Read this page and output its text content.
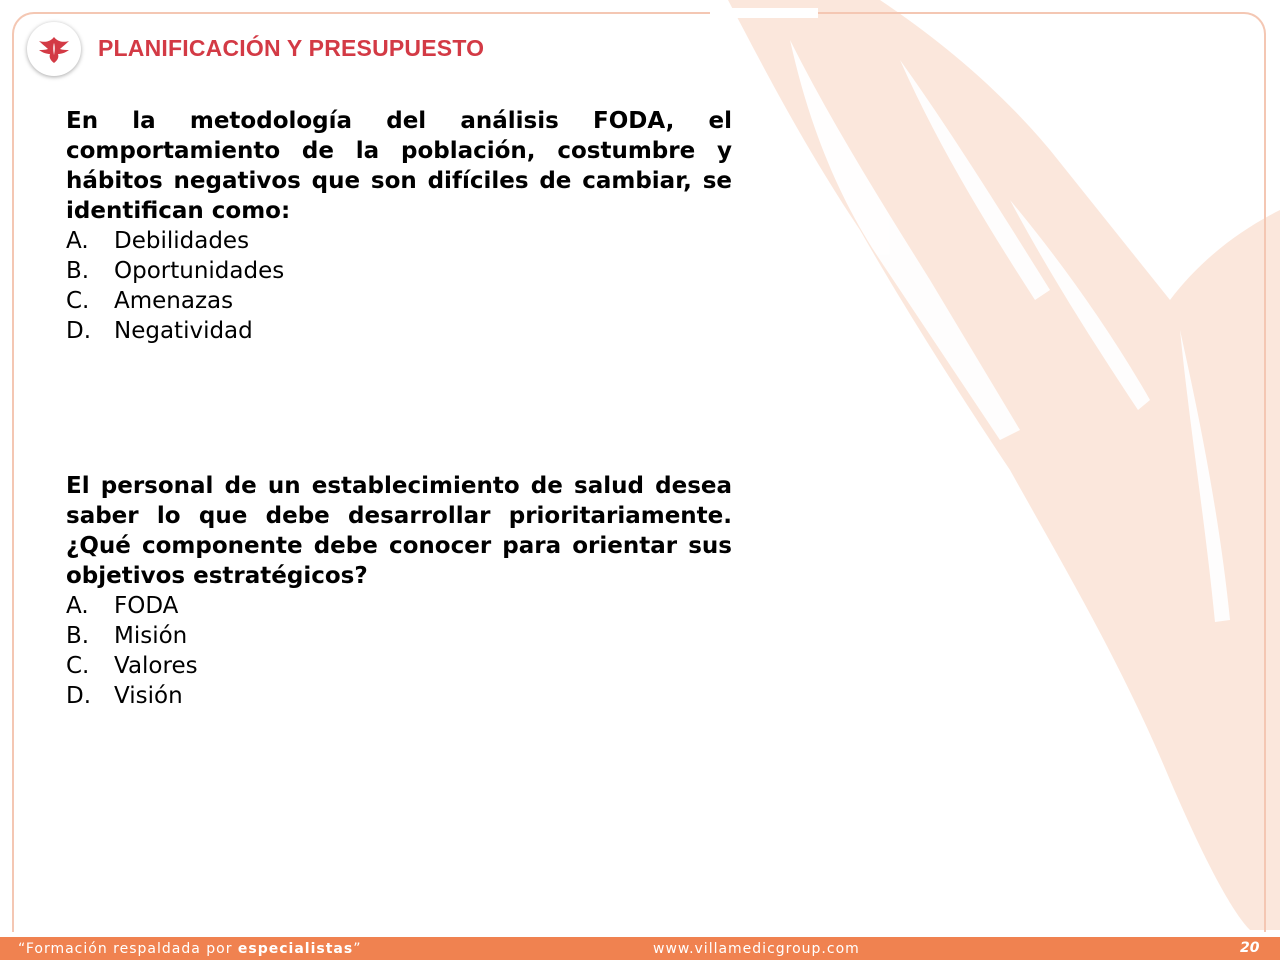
PLANIFICACIÓN Y PRESUPUESTO

En la metodología del análisis FODA, el comportamiento de la población, costumbre y hábitos negativos que son difíciles de cambiar, se identifican como:

A.	Debilidades
B.	Oportunidades
C.	Amenazas
D. Negatividad

El personal de un establecimiento de salud desea saber lo que debe desarrollar prioritariamente. ¿Qué componente debe conocer para orientar sus objetivos estratégicos?

A.	FODA
B.	Misión
C.	Valores
D. Visión
“Formación respaldada por especialistas”	www.villamedicgroup.com	20
